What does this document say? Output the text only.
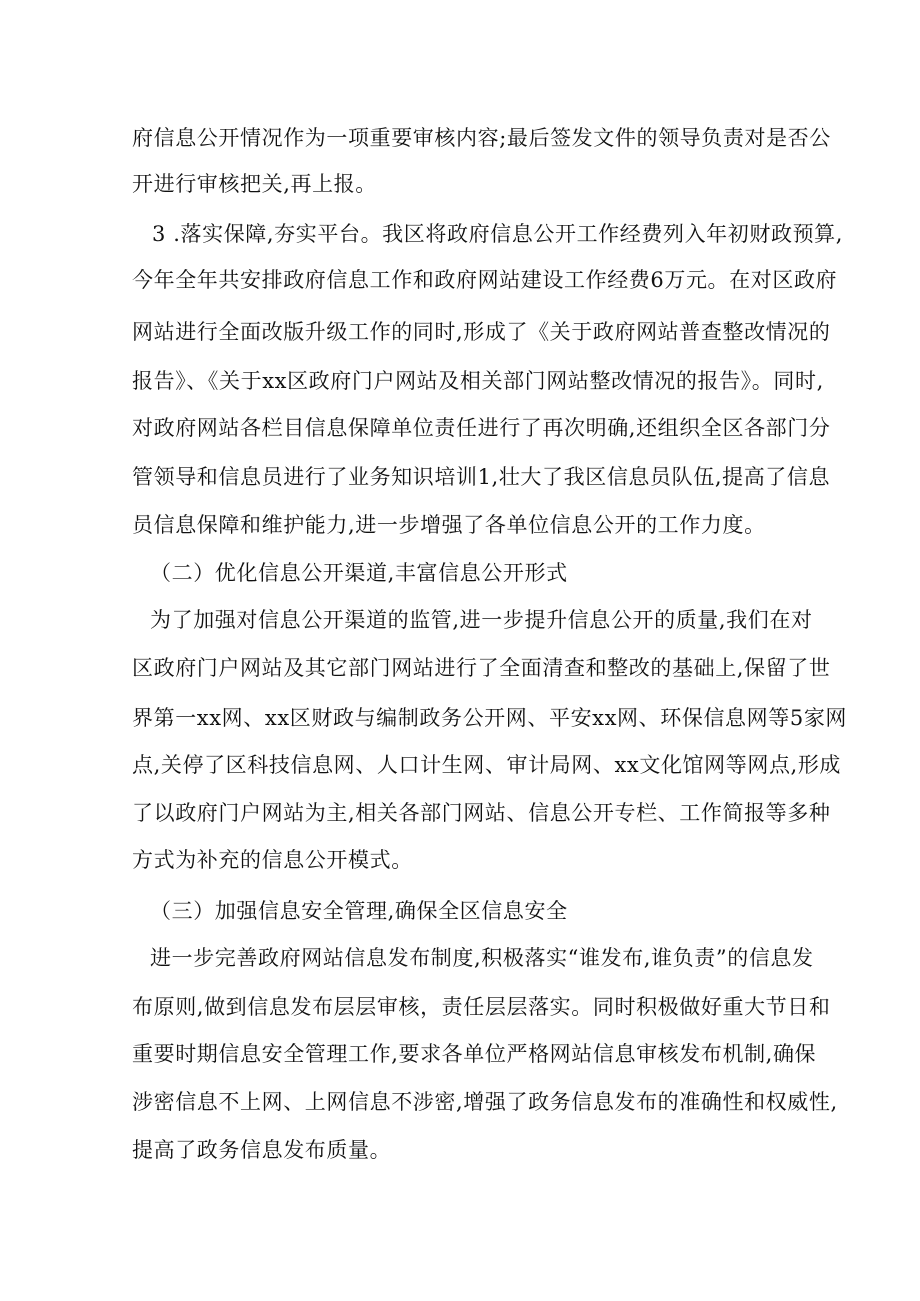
府信息公开情况作为一项重要审核内容;最后签发文件的领导负责对是否公
开进行审核把关,再上报。
3 .落实保障,夯实平台。我区将政府信息公开工作经费列入年初财政预算,
今年全年共安排政府信息工作和政府网站建设工作经费6万元。在对区政府
网站进行全面改版升级工作的同时,形成了《关于政府网站普查整改情况的
报告》、《关于xx区政府门户网站及相关部门网站整改情况的报告》。同时,
对政府网站各栏目信息保障单位责任进行了再次明确,还组织全区各部门分
管领导和信息员进行了业务知识培训1,壮大了我区信息员队伍,提高了信息
员信息保障和维护能力,进一步增强了各单位信息公开的工作力度。
（二）优化信息公开渠道,丰富信息公开形式
为了加强对信息公开渠道的监管,进一步提升信息公开的质量,我们在对
区政府门户网站及其它部门网站进行了全面清查和整改的基础上,保留了世
界第一xx网、xx区财政与编制政务公开网、平安xx网、环保信息网等5家网
点,关停了区科技信息网、人口计生网、审计局网、xx文化馆网等网点,形成
了以政府门户网站为主,相关各部门网站、信息公开专栏、工作简报等多种
方式为补充的信息公开模式。
（三）加强信息安全管理,确保全区信息安全
进一步完善政府网站信息发布制度,积极落实“谁发布,谁负责”的信息发
布原则,做到信息发布层层审核，责任层层落实。同时积极做好重大节日和
重要时期信息安全管理工作,要求各单位严格网站信息审核发布机制,确保
涉密信息不上网、上网信息不涉密,增强了政务信息发布的准确性和权威性,
提高了政务信息发布质量。
